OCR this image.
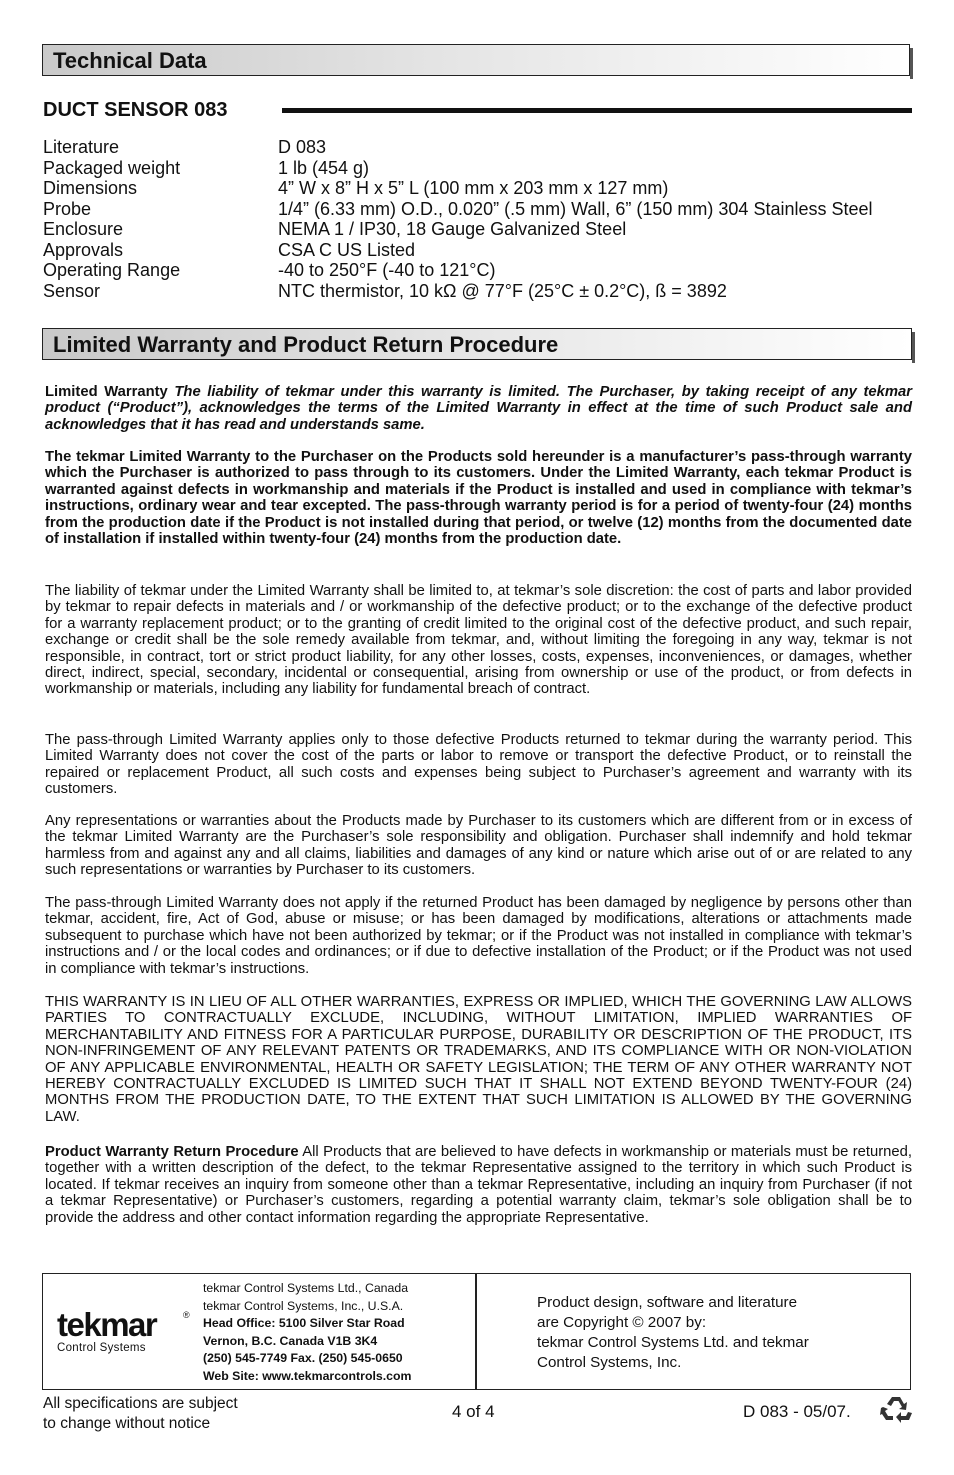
Technical Data
DUCT SENSOR 083
Literature	D 083
Packaged weight	1 lb (454 g)
Dimensions	4” W x 8” H x 5” L (100 mm x 203 mm x 127 mm)
Probe	1/4” (6.33 mm) O.D., 0.020” (.5 mm) Wall, 6” (150 mm) 304 Stainless Steel
Enclosure	NEMA 1 / IP30, 18 Gauge Galvanized Steel
Approvals	CSA C US Listed
Operating Range	-40 to 250°F (-40 to 121°C)
Sensor	NTC thermistor, 10 kΩ @ 77°F (25°C ± 0.2°C), ß = 3892
Limited Warranty and Product Return Procedure

Limited Warranty The liability of tekmar under this warranty is limited. The Purchaser, by taking receipt of any tekmar product (“Product”), acknowledges the terms of the Limited Warranty in effect at the time of such Product sale and acknowledges that it has read and understands same.

The tekmar Limited Warranty to the Purchaser on the Products sold hereunder is a manufacturer’s pass-through warranty which the Purchaser is authorized to pass through to its customers. Under the Limited Warranty, each tekmar Product is warranted against defects in workmanship and materials if the Product is installed and used in compliance with tekmar’s instructions, ordinary wear and tear excepted. The pass-through warranty period is for a period of twenty-four (24) months from the production date if the Product is not installed during that period, or twelve (12) months from the documented date of installation if installed within twenty-four (24) months from the production date.

The liability of tekmar under the Limited Warranty shall be limited to, at tekmar’s sole discretion: the cost of parts and labor provided by tekmar to repair defects in materials and / or workmanship of the defective product; or to the exchange of the defective product for a warranty replacement product; or to the granting of credit limited to the original cost of the defective product, and such repair, exchange or credit shall be the sole remedy available from tekmar, and, without limiting the foregoing in any way, tekmar is not responsible, in contract, tort or strict product liability, for any other losses, costs, expenses, inconveniences, or damages, whether direct, indirect, special, secondary, incidental or consequential, arising from ownership or use of the product, or from defects in workmanship or materials, including any liability for fundamental breach of contract.

The pass-through Limited Warranty applies only to those defective Products returned to tekmar during the warranty period. This Limited Warranty does not cover the cost of the parts or labor to remove or transport the defective Product, or to reinstall the repaired or replacement Product, all such costs and expenses being subject to Purchaser’s agreement and warranty with its customers.

Any representations or warranties about the Products made by Purchaser to its customers which are different from or in excess of the tekmar Limited Warranty are the Purchaser’s sole responsibility and obligation. Purchaser shall indemnify and hold tekmar harmless from and against any and all claims, liabilities and damages of any kind or nature which arise out of or are related to any such representations or warranties by Purchaser to its customers.

The pass-through Limited Warranty does not apply if the returned Product has been damaged by negligence by persons other than tekmar, accident, fire, Act of God, abuse or misuse; or has been damaged by modifications, alterations or attachments made subsequent to purchase which have not been authorized by tekmar; or if the Product was not installed in compliance with tekmar’s instructions and / or the local codes and ordinances; or if due to defective installation of the Product; or if the Product was not used in compliance with tekmar’s instructions.

THIS WARRANTY IS IN LIEU OF ALL OTHER WARRANTIES, EXPRESS OR IMPLIED, WHICH THE GOVERNING LAW ALLOWS PARTIES TO CONTRACTUALLY EXCLUDE, INCLUDING, WITHOUT LIMITATION, IMPLIED WARRANTIES OF MERCHANTABILITY AND FITNESS FOR A PARTICULAR PURPOSE, DURABILITY OR DESCRIPTION OF THE PRODUCT, ITS NON-INFRINGEMENT OF ANY RELEVANT PATENTS OR TRADEMARKS, AND ITS COMPLIANCE WITH OR NON-VIOLATION OF ANY APPLICABLE ENVIRONMENTAL, HEALTH OR SAFETY LEGISLATION; THE TERM OF ANY OTHER WARRANTY NOT HEREBY CONTRACTUALLY EXCLUDED IS LIMITED SUCH THAT IT SHALL NOT EXTEND BEYOND TWENTY-FOUR (24) MONTHS FROM THE PRODUCTION DATE, TO THE EXTENT THAT SUCH LIMITATION IS ALLOWED BY THE GOVERNING LAW.

Product Warranty Return Procedure All Products that are believed to have defects in workmanship or materials must be returned, together with a written description of the defect, to the tekmar Representative assigned to the territory in which such Product is located. If tekmar receives an inquiry from someone other than a tekmar Representative, including an inquiry from Purchaser (if not a tekmar Representative) or Purchaser’s customers, regarding a potential warranty claim, tekmar’s sole obligation shall be to provide the address and other contact information regarding the appropriate Representative.

tekmar	®
Control Systems
tekmar Control Systems Ltd., Canada
tekmar Control Systems, Inc., U.S.A.
Head Office: 5100 Silver Star Road
Vernon, B.C. Canada V1B 3K4
(250) 545-7749 Fax. (250) 545-0650
Web Site: www.tekmarcontrols.com
Product design, software and literature
are Copyright © 2007 by:
tekmar Control Systems Ltd. and tekmar
Control Systems, Inc.
All specifications are subject
to change without notice
4 of 4	D 083 - 05/07.
